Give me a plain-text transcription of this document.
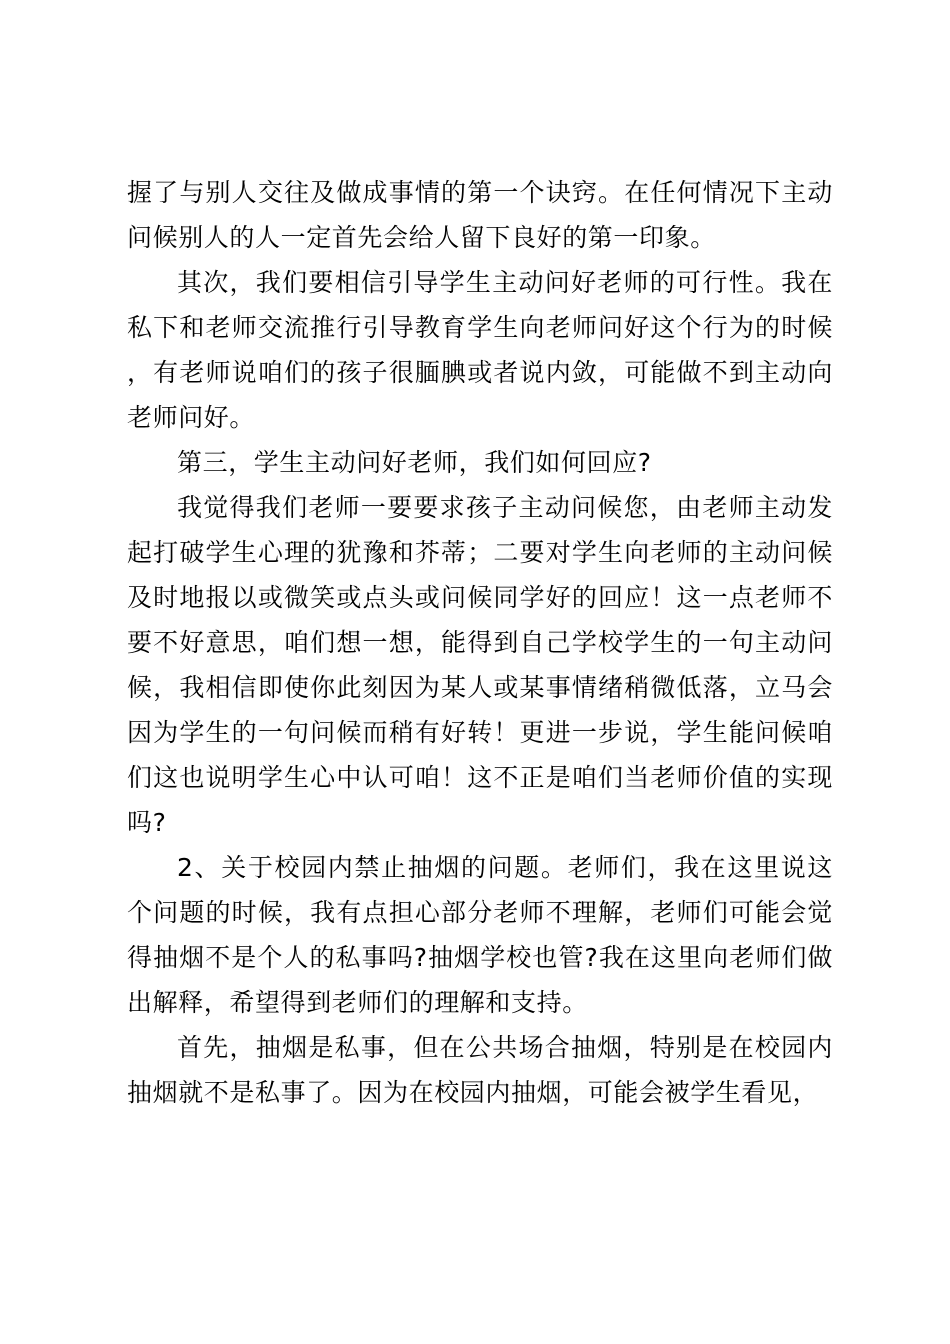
握了与别人交往及做成事情的第一个诀窍。在任何情况下主动问候别人的人一定首先会给人留下良好的第一印象。

其次，我们要相信引导学生主动问好老师的可行性。我在私下和老师交流推行引导教育学生向老师问好这个行为的时候，有老师说咱们的孩子很腼腆或者说内敛，可能做不到主动向老师问好。

第三，学生主动问好老师，我们如何回应?

我觉得我们老师一要要求孩子主动问候您，由老师主动发起打破学生心理的犹豫和芥蒂；二要对学生向老师的主动问候及时地报以或微笑或点头或问候同学好的回应！这一点老师不要不好意思，咱们想一想，能得到自己学校学生的一句主动问候，我相信即使你此刻因为某人或某事情绪稍微低落，立马会因为学生的一句问候而稍有好转！更进一步说，学生能问候咱们这也说明学生心中认可咱！这不正是咱们当老师价值的实现吗?

2、关于校园内禁止抽烟的问题。老师们，我在这里说这个问题的时候，我有点担心部分老师不理解，老师们可能会觉得抽烟不是个人的私事吗?抽烟学校也管?我在这里向老师们做出解释，希望得到老师们的理解和支持。

首先，抽烟是私事，但在公共场合抽烟，特别是在校园内抽烟就不是私事了。因为在校园内抽烟，可能会被学生看见，
